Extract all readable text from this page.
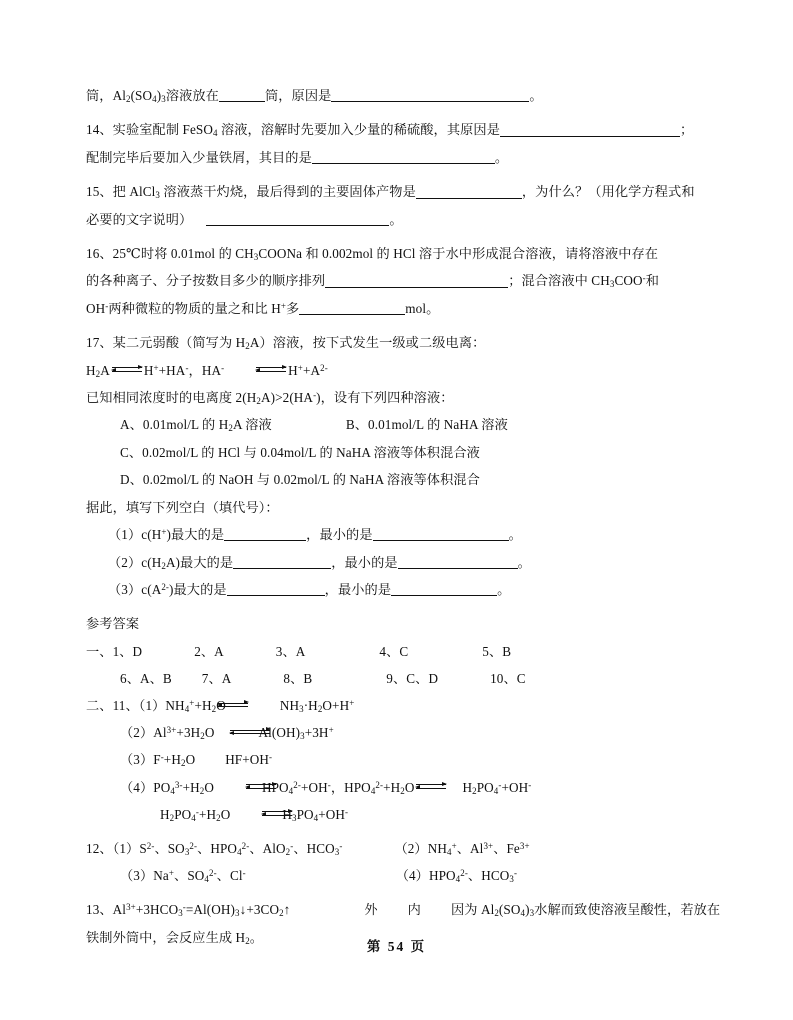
筒，$Al_2(SO_4)_3$溶液放在	筒，原因是	。
14、实验室配制 FeSO$_4$ 溶液，溶解时先要加入少量的稀硫酸，其原因是	；
配制完毕后要加入少量铁屑，其目的是	。
15、把 AlCl$_3$ 溶液蒸干灼烧，最后得到的主要固体产物是	，为什么？（用化学方程式和
必要的文字说明）	。
16、25℃时将 0.01mol 的 $CH_3COONa$ 和 0.002mol 的 HCl 溶于水中形成混合溶液，请将溶液中存在
的各种离子、分子按数目多少的顺序排列	；混合溶液中 $CH_3COO^-$和
OH-两种微粒的物质的量之和比 H+多	mol。
17、某二元弱酸（简写为 $H_2A$）溶液，按下式发生一级或二级电离：
$H_2A$	H++HA-，HA-	$H^++A^{2-}$
已知相同浓度时的电离度 $2(H_2A)>2(HA^-)$，设有下列四种溶液：
A、0.01mol/L 的 $H_2A$ 溶液	B、0.01mol/L 的 NaHA 溶液
C、0.02mol/L 的 HCl 与 0.04mol/L 的 NaHA 溶液等体积混合液
D、0.02mol/L 的 NaOH 与 0.02mol/L 的 NaHA 溶液等体积混合
据此，填写下列空白（填代号）：
（1）c(H+)最大的是	，最小的是	。
$(2)c(H_2A)$最大的是	，最小的是	。
$(3)c(A^{2-})$最大的是	，最小的是	。
参考答案
一、1、D	2、A	3、A	4、C	5、B
6、A、B 7、A	8、B	9、C、D	10、C
二、11、$(1)NH_4^++H_2O$	$NH_3\cdot H_2O+H^+$
$(2)Al^{3+}+3H_2O$	$Al(OH)_3+3H^+$
$(3)F^-+H_2O$ HF+OH-
$(4)PO_4^{3-}+H_2O$	$HPO_4^{2-}+OH^-$，$HPO_4^{2-}+H_2O$	$H_2PO_4^-+OH^-$
$H_2PO_4^-+H_2O$	$H_3PO_4+OH^-$
12、$(1)S^{2-}$、$SO_3^{2-}$、$HPO_4^{2-}$、AlO$_2$-、$HCO_3^-$	$(2)NH_4^+$、$Al^{3+}$、$Fe^{3+}$
（3）Na+、$SO_4^{2-}$、Cl-	$(4)HPO_4^{2-}$、$HCO_3^-$
13、$Al^{3+}+3HCO_3^-=Al(OH)_3↓+3CO_2↑$	外 内 因为 $Al_2(SO_4)_3$水解而致使溶液呈酸性，若放在
铁制外筒中，会反应生成 $H_2$。
第 54 页
